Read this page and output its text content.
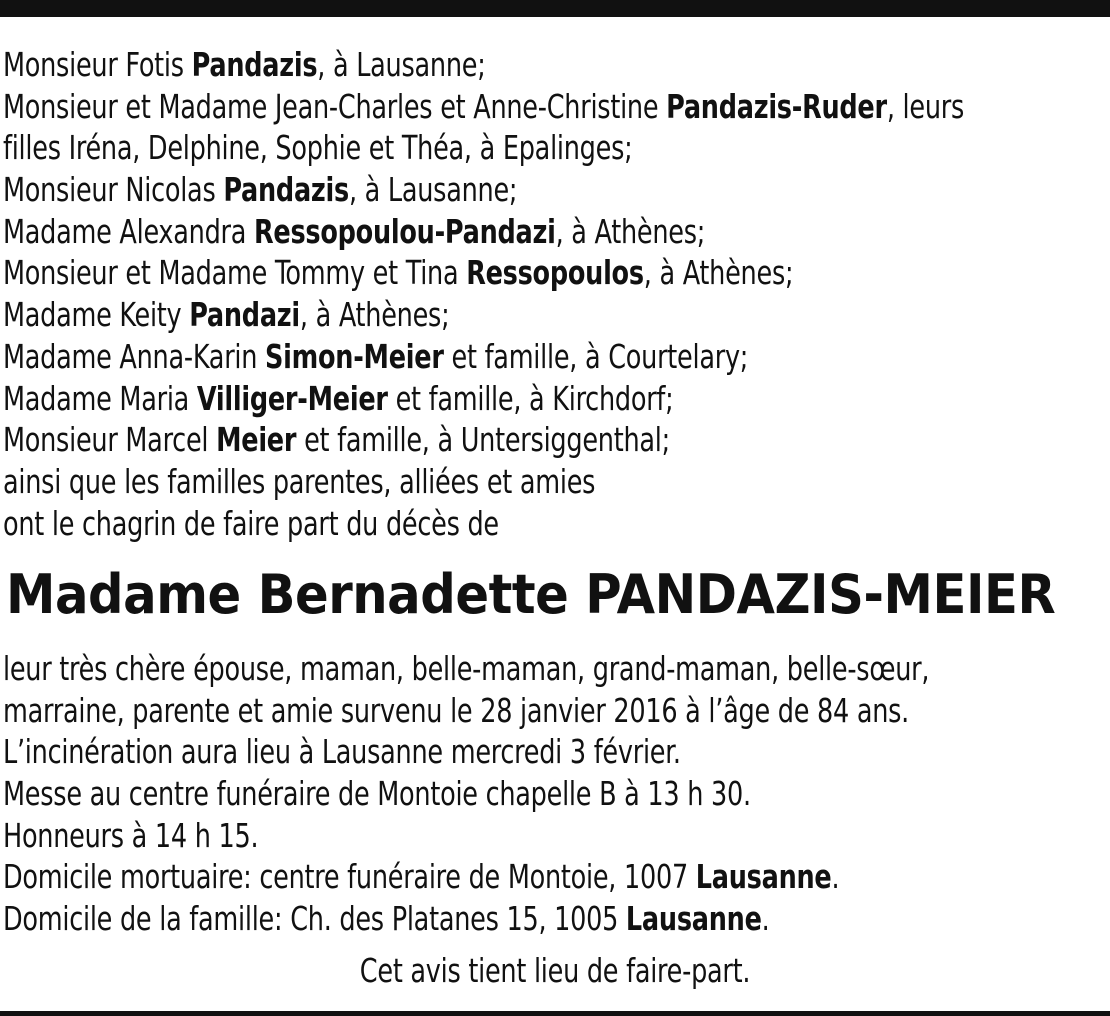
Monsieur Fotis Pandazis, à Lausanne;
Monsieur et Madame Jean-Charles et Anne-Christine Pandazis-Ruder, leurs
filles Iréna, Delphine, Sophie et Théa, à Epalinges;
Monsieur Nicolas Pandazis, à Lausanne;
Madame Alexandra Ressopoulou-Pandazi, à Athènes;
Monsieur et Madame Tommy et Tina Ressopoulos, à Athènes;
Madame Keity Pandazi, à Athènes;
Madame Anna-Karin Simon-Meier et famille, à Courtelary;
Madame Maria Villiger-Meier et famille, à Kirchdorf;
Monsieur Marcel Meier et famille, à Untersiggenthal;
ainsi que les familles parentes, alliées et amies
ont le chagrin de faire part du décès de
Madame Bernadette PANDAZIS-MEIER
leur très chère épouse, maman, belle-maman, grand-maman, belle-sœur,
marraine, parente et amie survenu le 28 janvier 2016 à l’âge de 84 ans.
L’incinération aura lieu à Lausanne mercredi 3 février.
Messe au centre funéraire de Montoie chapelle B à 13 h 30.
Honneurs à 14 h 15.
Domicile mortuaire: centre funéraire de Montoie, 1007 Lausanne.
Domicile de la famille: Ch. des Platanes 15, 1005 Lausanne.
Cet avis tient lieu de faire-part.
